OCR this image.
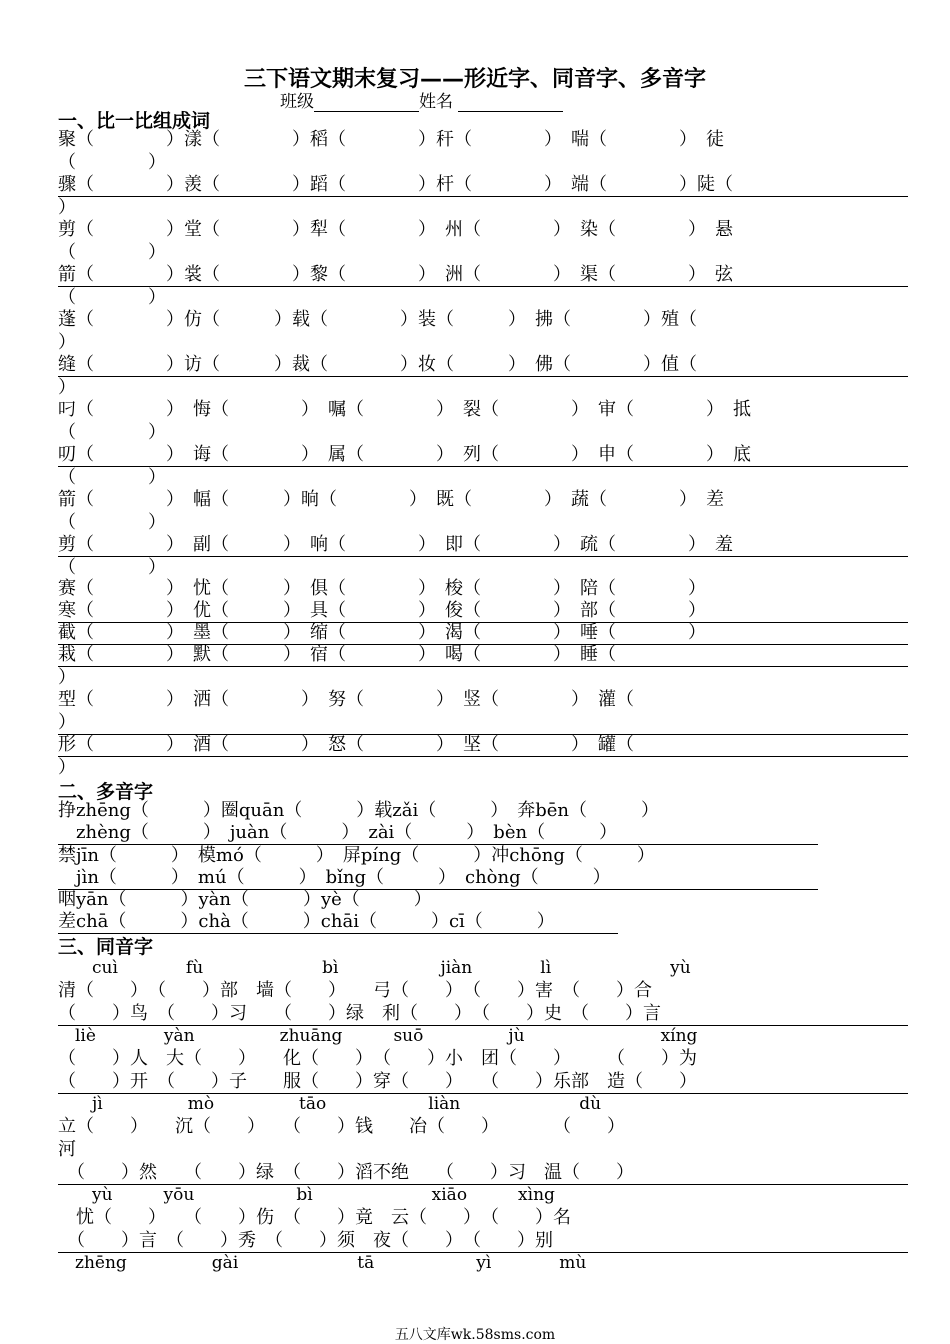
三下语文期末复习——形近字、同音字、多音字
班级	姓名
一、比一比组成词
聚（　　　　）漾（　　　　）稻（　　　　）秆（　　　　）　喘（　　　　）　徒
（　　　　）
骤（　　　　）羡（　　　　）蹈（　　　　）杆（　　　　）　端（　　　　）陡（
）
剪（　　　　）堂（　　　　）犁（　　　　）　州（　　　　）　染（　　　　）　悬
（　　　　）
箭（　　　　）裳（　　　　）黎（　　　　）　洲（　　　　）　渠（　　　　）　弦
（　　　　）
蓬（　　　　）仿（　　　）载（　　　　）装（　　　）　拂（　　　　）殖（
）
缝（　　　　）访（　　　）裁（　　　　）妆（　　　）　佛（　　　　）值（
）
叼（　　　　）　悔（　　　　）　嘱（　　　　）　裂（　　　　）　审（　　　　）　抵
（　　　　）
叨（　　　　）　诲（　　　　）　属（　　　　）　列（　　　　）　申（　　　　）　底
（　　　　）
箭（　　　　）　幅（　　　）晌（　　　　）　既（　　　　）　蔬（　　　　）　差
（　　　　）
剪（　　　　）　副（　　　）　响（　　　　）　即（　　　　）　疏（　　　　）　羞
（　　　　）
赛（　　　　）　忧（　　　）　俱（　　　　）　梭（　　　　）　陪（　　　　）
寒（　　　　）　优（　　　）　具（　　　　）　俊（　　　　）　部（　　　　）
截（　　　　）　墨（　　　）　缩（　　　　）　渴（　　　　）　唾（　　　　）
栽（　　　　）　默（　　　）　宿（　　　　）　喝（　　　　）　睡（
）
型（　　　　）　洒（　　　　）　努（　　　　）　竖（　　　　）　灌（
）
形（　　　　）　酒（　　　　）　怒（　　　　）　坚（　　　　）　罐（
）
二、多音字
挣zhēng（　　　）圈quān（　　　）载zǎi（　　　）　奔bēn（　　　）
　zhèng（　　　）　juàn（　　　）　zài（　　　）　bèn（　　　）
禁jīn（　　　）　模mó（　　　）　屏píng（　　　）冲chōng（　　　）
　jìn（　　　）　mú（　　　）　bǐng（　　　）　chòng（　　　）
咽yān（　　　）yàn（　　　）yè（　　　）
差chā（　　　）chà（　　　）chāi（　　　）cī（　　　）
三、同音字
　　cuì　　　　fù　　　　　　　bì　　　　　　jiàn　　　　lì　　　　　　　yù
清（　　）　（　　）部　墙（　　）　　弓（　　）　（　　）害　（　　）合
（　　）鸟　（　　）习　　（　　）绿　利（　　）　（　　）史　（　　）言
　liè　　　　yàn　　　　　zhuāng　　　suō　　　　　jù　　　　　　　　xíng
（　　）人　大（　　）　　化（　　）　（　　）小　团（　　）　　　（　　）为
（　　）开　（　　）子　　服（　　）穿（　　）　　（　　）乐部　造（　　）
　　jì　　　　　mò　　　　　tāo　　　　　　liàn　　　　　　　dù
立（　　）　　沉（　　）　　（　　）钱　　冶（　　）　　　　（　　）
河
　（　　）然　　（　　）绿　（　　）滔不绝　　（　　）习　温（　　）
　　yù　　　yōu　　　　　　bì　　　　　　　xiāo　　　xìng
　忧（　　）　　（　　）伤　（　　）竟　云（　　）　（　　）名
　（　　）言　（　　）秀　（　　）须　夜（　　）　（　　）别
　zhēng　　　　　gài　　　　　　　tā　　　　　　yì　　　　mù
五八文库wk.58sms.com
